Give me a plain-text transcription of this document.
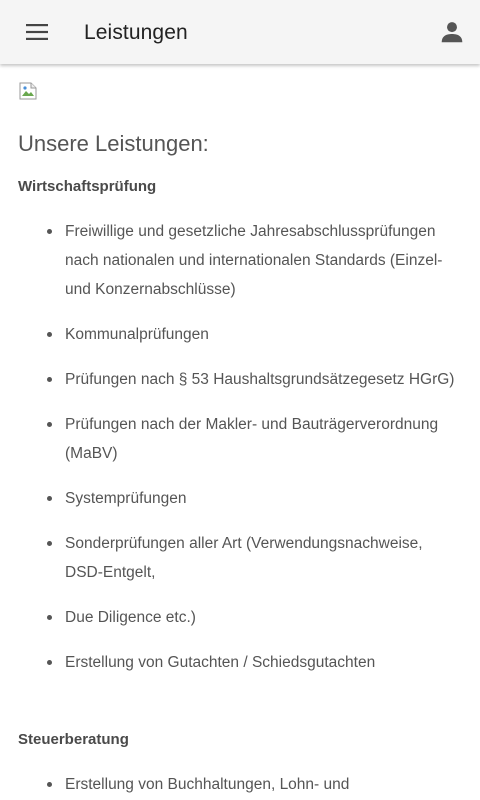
Leistungen
Unsere Leistungen:
Wirtschaftsprüfung
Freiwillige und gesetzliche Jahresabschlussprüfungen nach nationalen und internationalen Standards (Einzel- und Konzernabschlüsse)
Kommunalprüfungen
Prüfungen nach § 53 Haushaltsgrundsätzegesetz HGrG)
Prüfungen nach der Makler- und Bauträgerverordnung (MaBV)
Systemprüfungen
Sonderprüfungen aller Art (Verwendungsnachweise, DSD-Entgelt,
Due Diligence etc.)
Erstellung von Gutachten / Schiedsgutachten
Steuerberatung
Erstellung von Buchhaltungen, Lohn- und
